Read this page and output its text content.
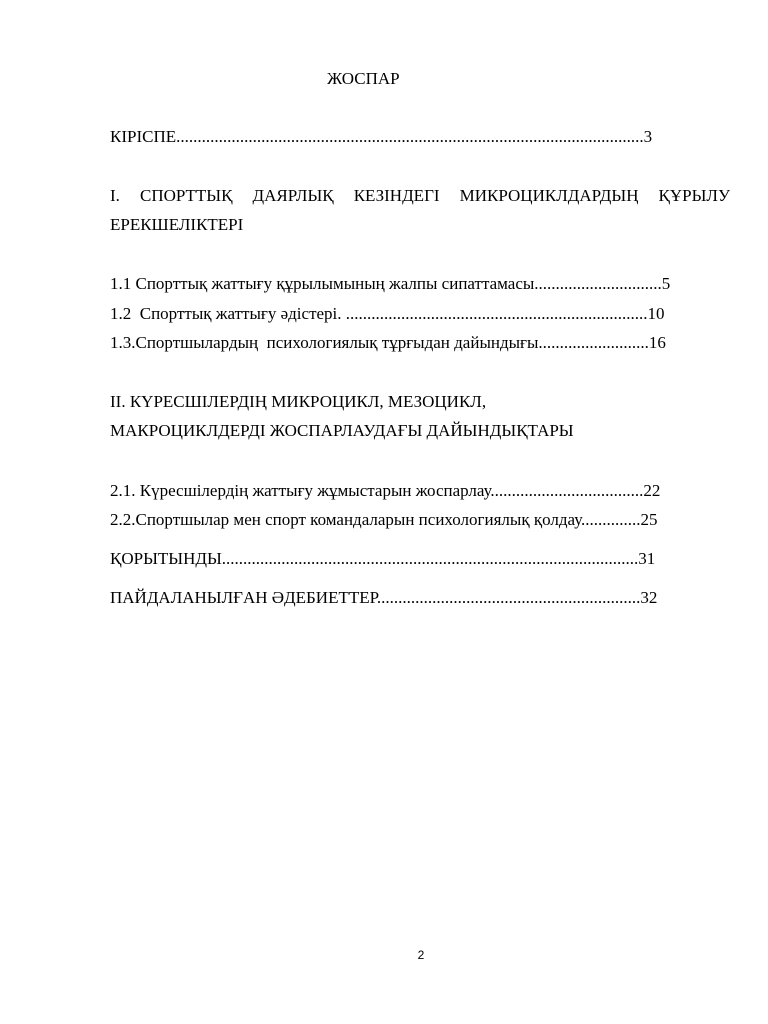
ЖОСПАР
КІРІСПЕ..............................................................................................................3
I. СПОРТТЫҚ ДАЯРЛЫҚ КЕЗІНДЕГІ МИКРОЦИКЛДАРДЫҢ ҚҰРЫЛУ
ЕРЕКШЕЛІКТЕРІ
1.1 Спорттық жаттығу құрылымының жалпы сипаттамасы..............................5
1.2  Спорттық жаттығу әдістері. .......................................................................10
1.3.Спортшылардың  психологиялық тұрғыдан дайындығы..........................16
II. КҮРЕСШІЛЕРДІҢ МИКРОЦИКЛ, МЕЗОЦИКЛ,
МАКРОЦИКЛДЕРДІ ЖОСПАРЛАУДАҒЫ ДАЙЫНДЫҚТАРЫ
2.1. Күресшілердің жаттығу жұмыстарын жоспарлау....................................22
2.2.Спортшылар мен спорт командаларын психологиялық қолдау..............25
ҚОРЫТЫНДЫ..................................................................................................31
ПАЙДАЛАНЫЛҒАН ӘДЕБИЕТТЕР..............................................................32
2
